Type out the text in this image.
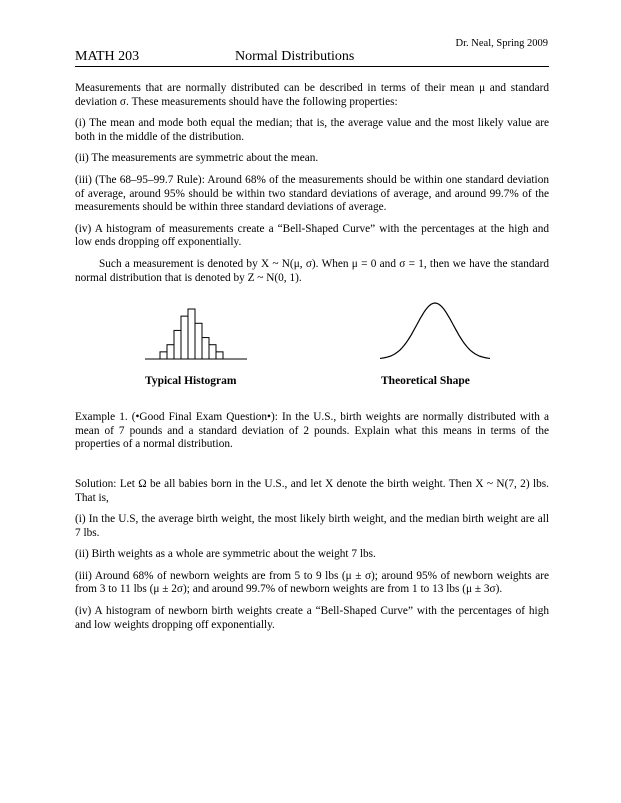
Dr. Neal, Spring 2009
MATH 203	Normal Distributions

Measurements that are normally distributed can be described in terms of their mean μ and standard deviation σ. These measurements should have the following properties:

(i) The mean and mode both equal the median; that is, the average value and the most likely value are both in the middle of the distribution.

(ii) The measurements are symmetric about the mean.

(iii) (The 68–95–99.7 Rule): Around 68% of the measurements should be within one standard deviation of average, around 95% should be within two standard deviations of average, and around 99.7% of the measurements should be within three standard deviations of average.

(iv) A histogram of measurements create a “Bell-Shaped Curve” with the percentages at the high and low ends dropping off exponentially.

Such a measurement is denoted by X ~ N(μ, σ). When μ = 0 and σ = 1, then we have the standard normal distribution that is denoted by Z ~ N(0, 1).

Typical Histogram	Theoretical Shape

Example 1. (•Good Final Exam Question•): In the U.S., birth weights are normally distributed with a mean of 7 pounds and a standard deviation of 2 pounds. Explain what this means in terms of the properties of a normal distribution.

Solution: Let Ω be all babies born in the U.S., and let X denote the birth weight. Then X ~ N(7, 2) lbs. That is,

(i) In the U.S, the average birth weight, the most likely birth weight, and the median birth weight are all 7 lbs.

(ii) Birth weights as a whole are symmetric about the weight 7 lbs.

(iii) Around 68% of newborn weights are from 5 to 9 lbs (μ ± σ); around 95% of newborn weights are from 3 to 11 lbs (μ ± 2σ); and around 99.7% of newborn weights are from 1 to 13 lbs (μ ± 3σ).

(iv) A histogram of newborn birth weights create a “Bell-Shaped Curve” with the percentages of high and low weights dropping off exponentially.
